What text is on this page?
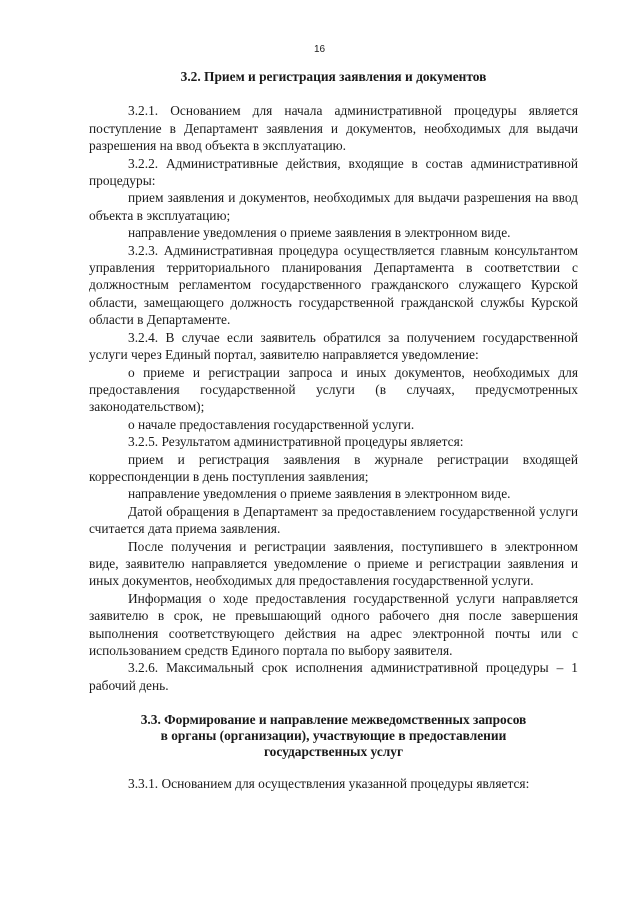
16

3.2. Прием и регистрация заявления и документов

3.2.1. Основанием для начала административной процедуры является поступление в Департамент заявления и документов, необходимых для выдачи разрешения на ввод объекта в эксплуатацию.

3.2.2. Административные действия, входящие в состав административной процедуры:

прием заявления и документов, необходимых для выдачи разрешения на ввод объекта в эксплуатацию;

направление уведомления о приеме заявления в электронном виде.

3.2.3. Административная процедура осуществляется главным консультантом управления территориального планирования Департамента в соответствии с должностным регламентом государственного гражданского служащего Курской области, замещающего должность государственной гражданской службы Курской области в Департаменте.

3.2.4. В случае если заявитель обратился за получением государственной услуги через Единый портал, заявителю направляется уведомление:

о приеме и регистрации запроса и иных документов, необходимых для предоставления государственной услуги (в случаях, предусмотренных законодательством);

о начале предоставления государственной услуги.

3.2.5. Результатом административной процедуры является:

прием и регистрация заявления в журнале регистрации входящей корреспонденции в день поступления заявления;

направление уведомления о приеме заявления в электронном виде.

Датой обращения в Департамент за предоставлением государственной услуги считается дата приема заявления.

После получения и регистрации заявления, поступившего в электронном виде, заявителю направляется уведомление о приеме и регистрации заявления и иных документов, необходимых для предоставления государственной услуги.

Информация о ходе предоставления государственной услуги направляется заявителю в срок, не превышающий одного рабочего дня после завершения выполнения соответствующего действия на адрес электронной почты или с использованием средств Единого портала по выбору заявителя.

3.2.6. Максимальный срок исполнения административной процедуры – 1 рабочий день.

3.3. Формирование и направление межведомственных запросов
в органы (организации), участвующие в предоставлении
государственных услуг

3.3.1. Основанием для осуществления указанной процедуры является:
